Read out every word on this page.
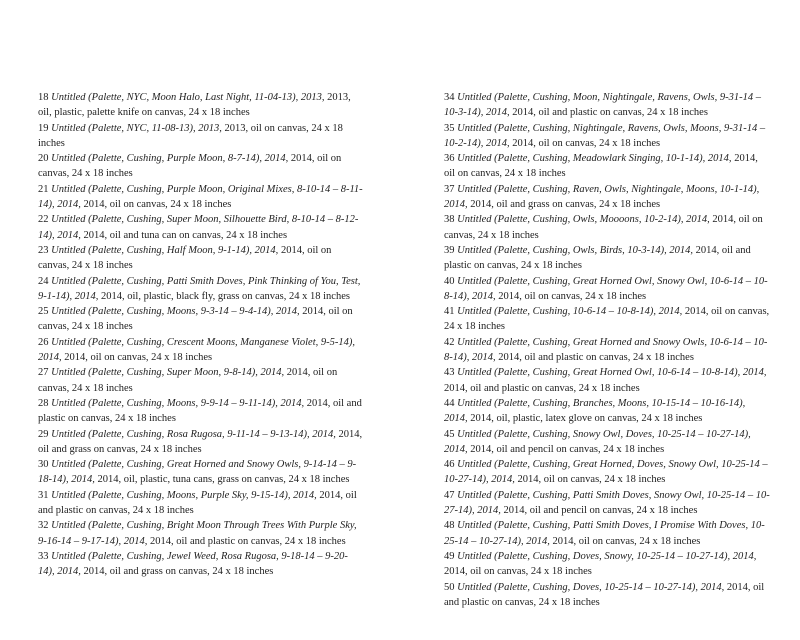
18 Untitled (Palette, NYC, Moon Halo, Last Night, 11-04-13), 2013, 2013, oil, plastic, palette knife on canvas, 24 x 18 inches
19 Untitled (Palette, NYC, 11-08-13), 2013, 2013, oil on canvas, 24 x 18 inches
20 Untitled (Palette, Cushing, Purple Moon, 8-7-14), 2014, 2014, oil on canvas, 24 x 18 inches
21 Untitled (Palette, Cushing, Purple Moon, Original Mixes, 8-10-14 – 8-11-14), 2014, 2014, oil on canvas, 24 x 18 inches
22 Untitled (Palette, Cushing, Super Moon, Silhouette Bird, 8-10-14 – 8-12-14), 2014, 2014, oil and tuna can on canvas, 24 x 18 inches
23 Untitled (Palette, Cushing, Half Moon, 9-1-14), 2014, 2014, oil on canvas, 24 x 18 inches
24 Untitled (Palette, Cushing, Patti Smith Doves, Pink Thinking of You, Test, 9-1-14), 2014, 2014, oil, plastic, black fly, grass on canvas, 24 x 18 inches
25 Untitled (Palette, Cushing, Moons, 9-3-14 – 9-4-14), 2014, 2014, oil on canvas, 24 x 18 inches
26 Untitled (Palette, Cushing, Crescent Moons, Manganese Violet, 9-5-14), 2014, 2014, oil on canvas, 24 x 18 inches
27 Untitled (Palette, Cushing, Super Moon, 9-8-14), 2014, 2014, oil on canvas, 24 x 18 inches
28 Untitled (Palette, Cushing, Moons, 9-9-14 – 9-11-14), 2014, 2014, oil and plastic on canvas, 24 x 18 inches
29 Untitled (Palette, Cushing, Rosa Rugosa, 9-11-14 – 9-13-14), 2014, 2014, oil and grass on canvas, 24 x 18 inches
30 Untitled (Palette, Cushing, Great Horned and Snowy Owls, 9-14-14 – 9-18-14), 2014, 2014, oil, plastic, tuna cans, grass on canvas, 24 x 18 inches
31 Untitled (Palette, Cushing, Moons, Purple Sky, 9-15-14), 2014, 2014, oil and plastic on canvas, 24 x 18 inches
32 Untitled (Palette, Cushing, Bright Moon Through Trees With Purple Sky, 9-16-14 – 9-17-14), 2014, 2014, oil and plastic on canvas, 24 x 18 inches
33 Untitled (Palette, Cushing, Jewel Weed, Rosa Rugosa, 9-18-14 – 9-20-14), 2014, 2014, oil and grass on canvas, 24 x 18 inches
34 Untitled (Palette, Cushing, Moon, Nightingale, Ravens, Owls, 9-31-14 – 10-3-14), 2014, 2014, oil and plastic on canvas, 24 x 18 inches
35 Untitled (Palette, Cushing, Nightingale, Ravens, Owls, Moons, 9-31-14 – 10-2-14), 2014, 2014, oil on canvas, 24 x 18 inches
36 Untitled (Palette, Cushing, Meadowlark Singing, 10-1-14), 2014, 2014, oil on canvas, 24 x 18 inches
37 Untitled (Palette, Cushing, Raven, Owls, Nightingale, Moons, 10-1-14), 2014, 2014, oil and grass on canvas, 24 x 18 inches
38 Untitled (Palette, Cushing, Owls, Moooons, 10-2-14), 2014, 2014, oil on canvas, 24 x 18 inches
39 Untitled (Palette, Cushing, Owls, Birds, 10-3-14), 2014, 2014, oil and plastic on canvas, 24 x 18 inches
40 Untitled (Palette, Cushing, Great Horned Owl, Snowy Owl, 10-6-14 – 10-8-14), 2014, 2014, oil on canvas, 24 x 18 inches
41 Untitled (Palette, Cushing, 10-6-14 – 10-8-14), 2014, 2014, oil on canvas, 24 x 18 inches
42 Untitled (Palette, Cushing, Great Horned and Snowy Owls, 10-6-14 – 10-8-14), 2014, 2014, oil and plastic on canvas, 24 x 18 inches
43 Untitled (Palette, Cushing, Great Horned Owl, 10-6-14 – 10-8-14), 2014, 2014, oil and plastic on canvas, 24 x 18 inches
44 Untitled (Palette, Cushing, Branches, Moons, 10-15-14 – 10-16-14), 2014, 2014, oil, plastic, latex glove on canvas, 24 x 18 inches
45 Untitled (Palette, Cushing, Snowy Owl, Doves, 10-25-14 – 10-27-14), 2014, 2014, oil and pencil on canvas, 24 x 18 inches
46 Untitled (Palette, Cushing, Great Horned, Doves, Snowy Owl, 10-25-14 – 10-27-14), 2014, 2014, oil on canvas, 24 x 18 inches
47 Untitled (Palette, Cushing, Patti Smith Doves, Snowy Owl, 10-25-14 – 10-27-14), 2014, 2014, oil and pencil on canvas, 24 x 18 inches
48 Untitled (Palette, Cushing, Patti Smith Doves, I Promise With Doves, 10-25-14 – 10-27-14), 2014, 2014, oil on canvas, 24 x 18 inches
49 Untitled (Palette, Cushing, Doves, Snowy, 10-25-14 – 10-27-14), 2014, 2014, oil on canvas, 24 x 18 inches
50 Untitled (Palette, Cushing, Doves, 10-25-14 – 10-27-14), 2014, 2014, oil and plastic on canvas, 24 x 18 inches
